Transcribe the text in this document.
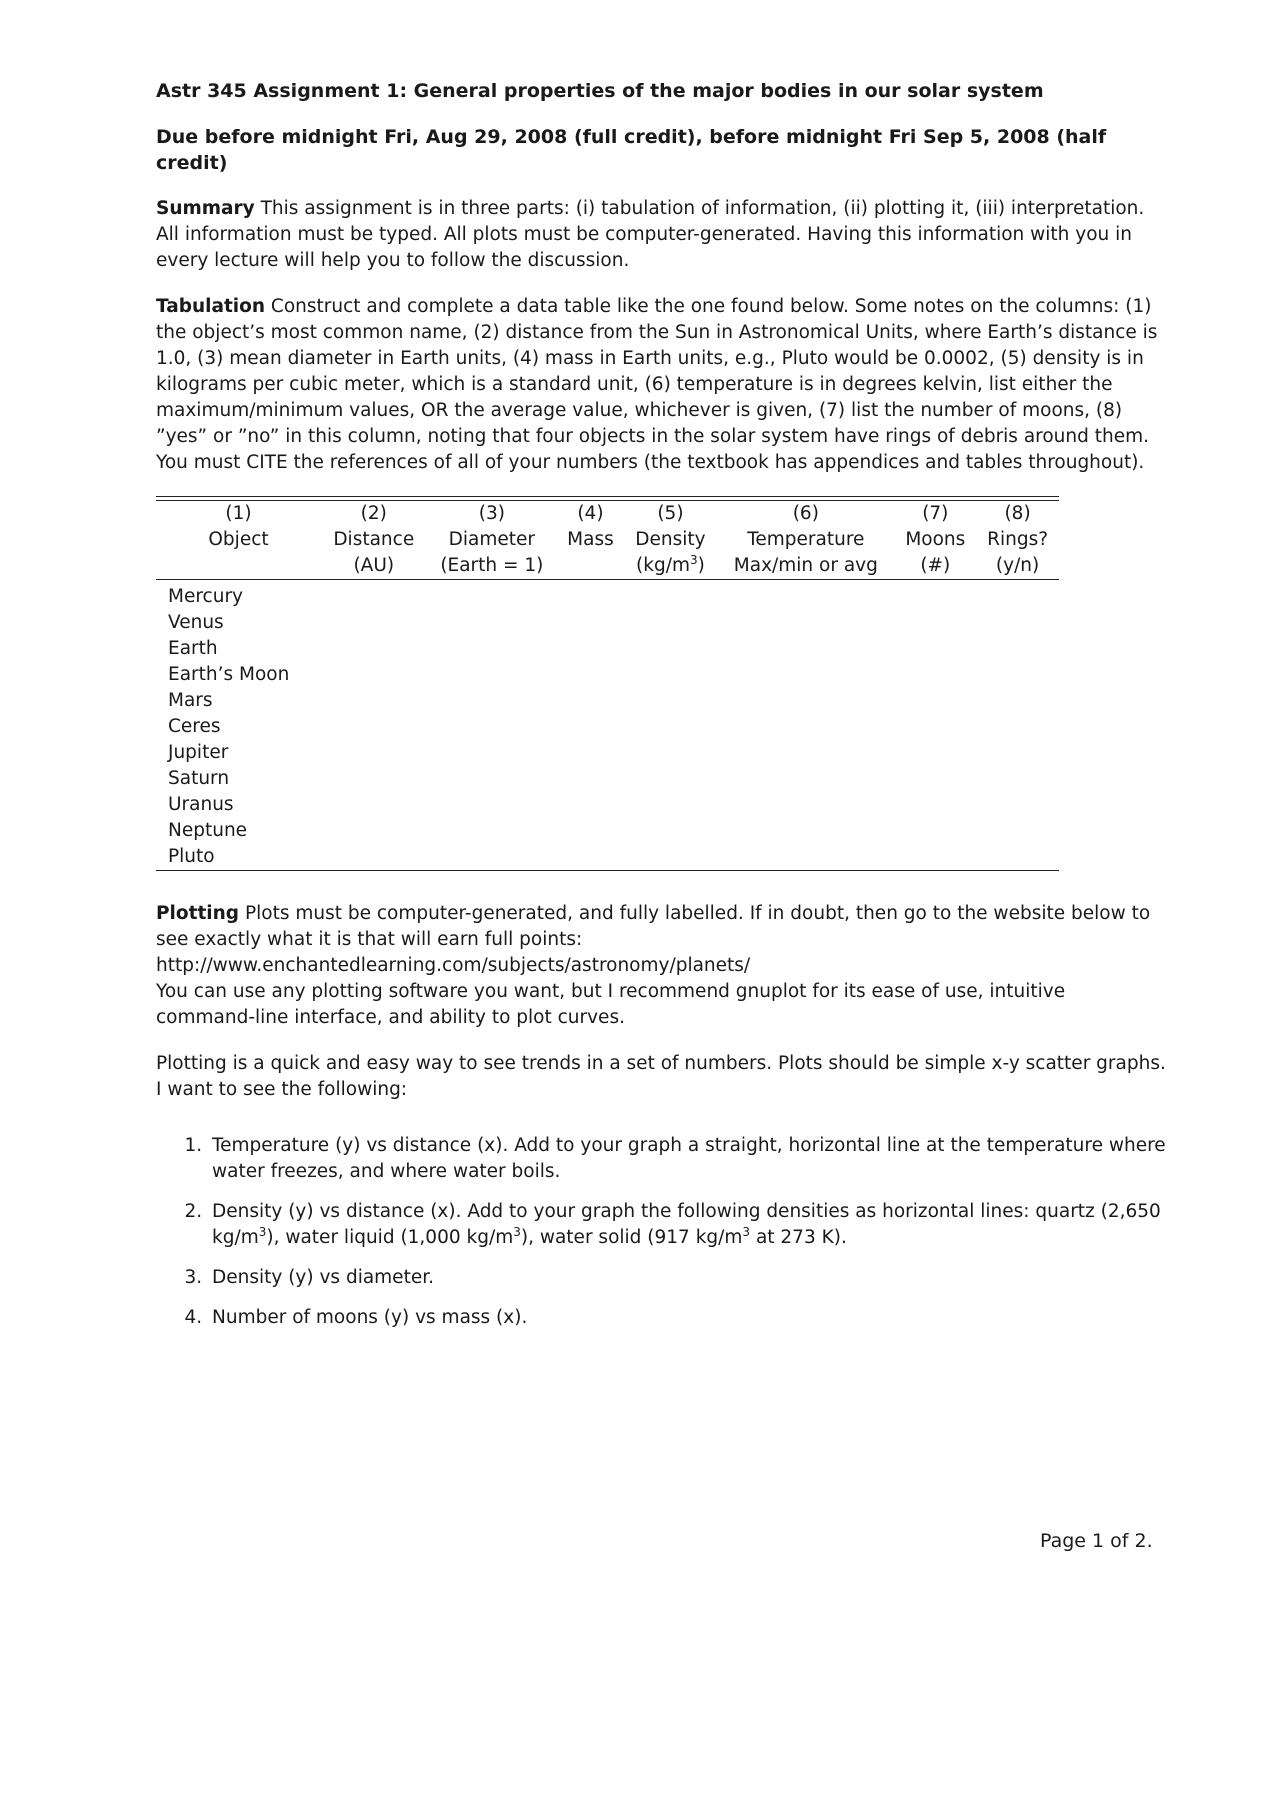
Astr 345 Assignment 1: General properties of the major bodies in our solar system

Due before midnight Fri, Aug 29, 2008 (full credit), before midnight Fri Sep 5, 2008 (half credit)

Summary This assignment is in three parts: (i) tabulation of information, (ii) plotting it, (iii) interpretation. All information must be typed. All plots must be computer-generated. Having this information with you in every lecture will help you to follow the discussion.

Tabulation Construct and complete a data table like the one found below. Some notes on the columns: (1) the object’s most common name, (2) distance from the Sun in Astronomical Units, where Earth’s distance is 1.0, (3) mean diameter in Earth units, (4) mass in Earth units, e.g., Pluto would be 0.0002, (5) density is in kilograms per cubic meter, which is a standard unit, (6) temperature is in degrees kelvin, list either the maximum/minimum values, OR the average value, whichever is given, (7) list the number of moons, (8) ”yes” or ”no” in this column, noting that four objects in the solar system have rings of debris around them. You must CITE the references of all of your numbers (the textbook has appendices and tables throughout).

(1)	(2)	(3)	(4)	(5)	(6)	(7)	(8)
Object	Distance	Diameter	Mass	Density	Temperature	Moons	Rings?
	(AU)	(Earth = 1)		$(kg/m^3)$	Max/min or avg	(#)	(y/n)
Mercury							
Venus							
Earth							
Earth’s Moon							
Mars							
Ceres							
Jupiter							
Saturn							
Uranus							
Neptune							
Pluto							

Plotting Plots must be computer-generated, and fully labelled. If in doubt, then go to the website below to see exactly what it is that will earn full points: http://www.enchantedlearning.com/subjects/astronomy/planets/
You can use any plotting software you want, but I recommend gnuplot for its ease of use, intuitive command-line interface, and ability to plot curves.

Plotting is a quick and easy way to see trends in a set of numbers. Plots should be simple x-y scatter graphs. I want to see the following:

1. Temperature (y) vs distance (x). Add to your graph a straight, horizontal line at the temperature where water freezes, and where water boils.
2. Density (y) vs distance (x). Add to your graph the following densities as horizontal lines: quartz (2,650 $kg/m^3$), water liquid (1,000 $kg/m^3$), water solid (917 $kg/m^3$ at 273 K).
3. Density (y) vs diameter.
4. Number of moons (y) vs mass (x).
Page 1 of 2.
